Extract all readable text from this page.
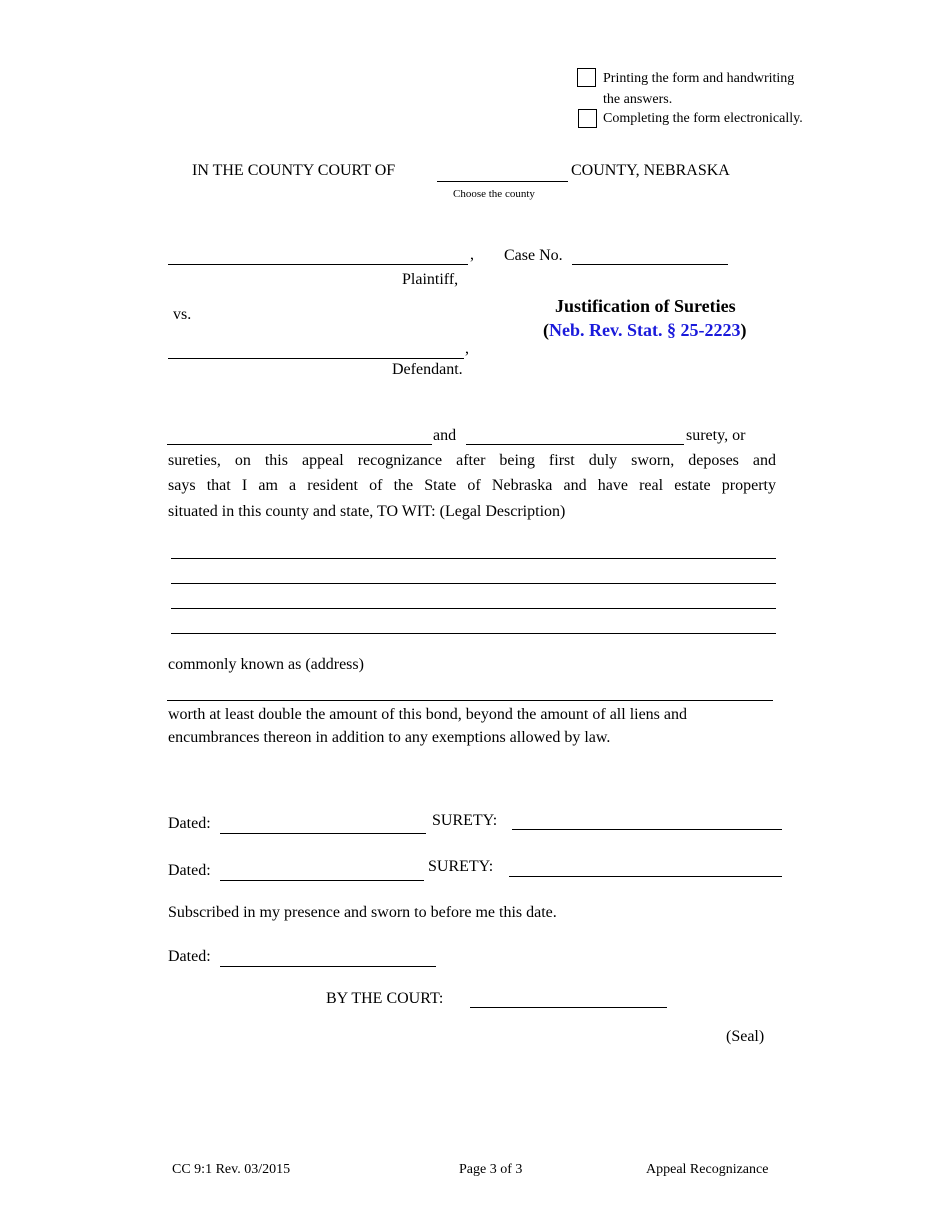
Printing the form and handwriting
the answers.
Completing the form electronically.
IN THE COUNTY COURT OF	COUNTY, NEBRASKA
Choose the county
,
Plaintiff,
vs.
,
Defendant.
Case No.
Justification of Sureties
(Neb. Rev. Stat. § 25-2223)
and	surety, or
sureties, on this appeal recognizance after being first duly sworn, deposes and
says that I am a resident of the State of Nebraska and have real estate property
situated in this county and state, TO WIT: (Legal Description)
commonly known as (address)
worth at least double the amount of this bond, beyond the amount of all liens and
encumbrances thereon in addition to any exemptions allowed by law.
Dated:	SURETY:
Dated:	SURETY:
Subscribed in my presence and sworn to before me this date.
Dated:
BY THE COURT:
(Seal)
CC 9:1 Rev. 03/2015	Page 3 of 3	Appeal Recognizance
